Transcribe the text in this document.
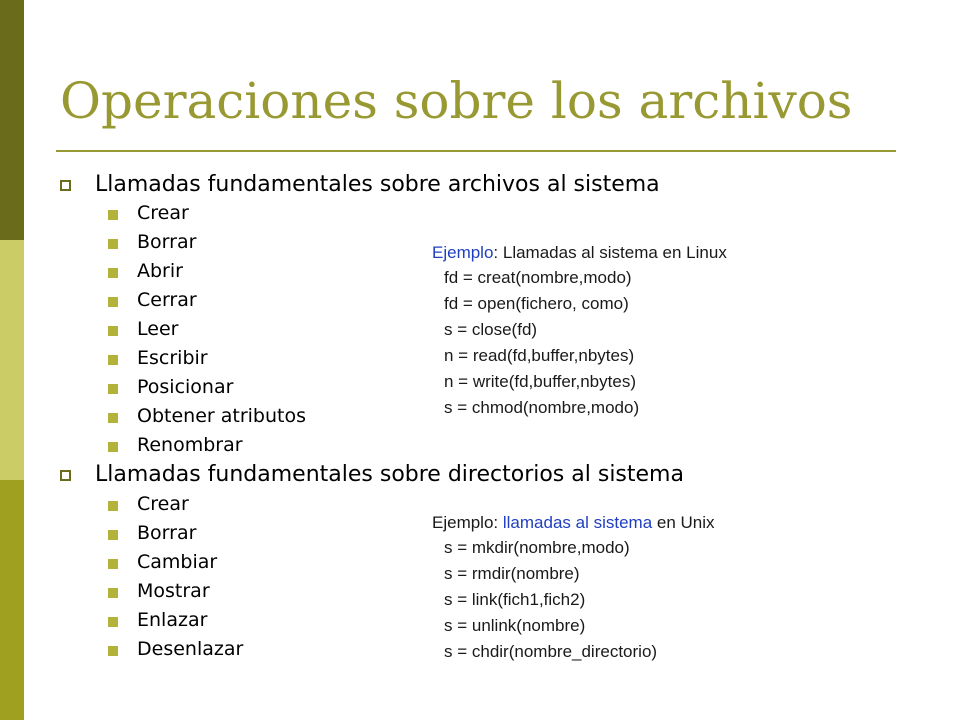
Operaciones sobre los archivos
Llamadas fundamentales sobre archivos al sistema
Crear
Borrar
Abrir
Cerrar
Leer
Escribir
Posicionar
Obtener atributos
Renombrar
Ejemplo: Llamadas al sistema en Linux
fd = creat(nombre,modo)
fd = open(fichero, como)
s = close(fd)
n = read(fd,buffer,nbytes)
n = write(fd,buffer,nbytes)
s = chmod(nombre,modo)
Llamadas fundamentales sobre directorios al sistema
Crear
Borrar
Cambiar
Mostrar
Enlazar
Desenlazar
Ejemplo: llamadas al sistema en Unix
s = mkdir(nombre,modo)
s = rmdir(nombre)
s = link(fich1,fich2)
s = unlink(nombre)
s = chdir(nombre_directorio)
